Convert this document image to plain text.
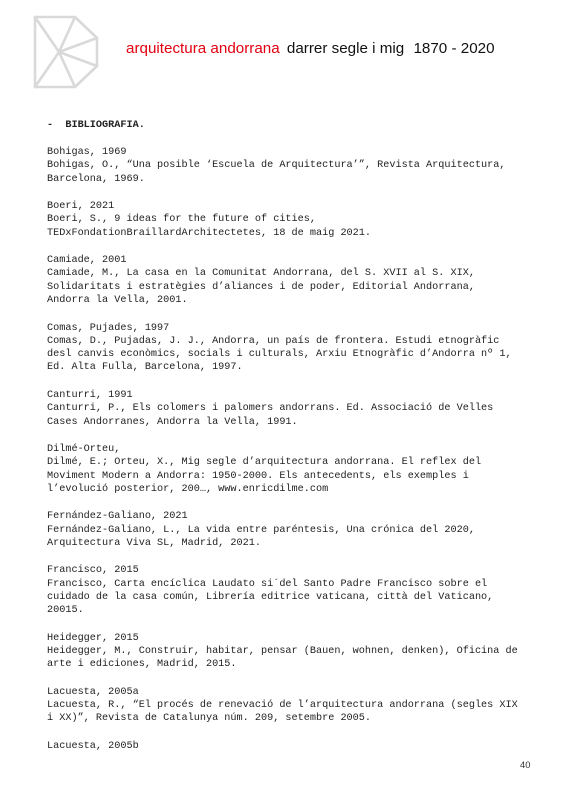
arquitectura andorrana darrer segle i mig 1870 - 2020
-  BIBLIOGRAFIA.
Bohigas, 1969
Bohigas, O., “Una posible ‘Escuela de Arquitectura’”, Revista Arquitectura,
Barcelona, 1969.
Boeri, 2021
Boeri, S., 9 ideas for the future of cities,
TEDxFondationBraillardArchitectetes, 18 de maig 2021.
Camiade, 2001
Camiade, M., La casa en la Comunitat Andorrana, del S. XVII al S. XIX,
Solidaritats i estratègies d’aliances i de poder, Editorial Andorrana,
Andorra la Vella, 2001.
Comas, Pujades, 1997
Comas, D., Pujadas, J. J., Andorra, un país de frontera. Estudi etnogràfic
desl canvis econòmics, socials i culturals, Arxiu Etnogràfic d’Andorra nº 1,
Ed. Alta Fulla, Barcelona, 1997.
Canturri, 1991
Canturri, P., Els colomers i palomers andorrans. Ed. Associació de Velles
Cases Andorranes, Andorra la Vella, 1991.
Dilmé-Orteu,
Dilmé, E.; Orteu, X., Mig segle d’arquitectura andorrana. El reflex del
Moviment Modern a Andorra: 1950-2000. Els antecedents, els exemples i
l’evolució posterior, 200…, www.enricdilme.com
Fernández-Galiano, 2021
Fernández-Galiano, L., La vida entre paréntesis, Una crónica del 2020,
Arquitectura Viva SL, Madrid, 2021.
Francisco, 2015
Francisco, Carta encíclica Laudato si´del Santo Padre Francisco sobre el
cuidado de la casa común, Librería editrice vaticana, città del Vaticano,
20015.
Heidegger, 2015
Heidegger, M., Construir, habitar, pensar (Bauen, wohnen, denken), Oficina de
arte i ediciones, Madrid, 2015.
Lacuesta, 2005a
Lacuesta, R., “El procés de renevació de l’arquitectura andorrana (segles XIX
i XX)”, Revista de Catalunya núm. 209, setembre 2005.
Lacuesta, 2005b
40
